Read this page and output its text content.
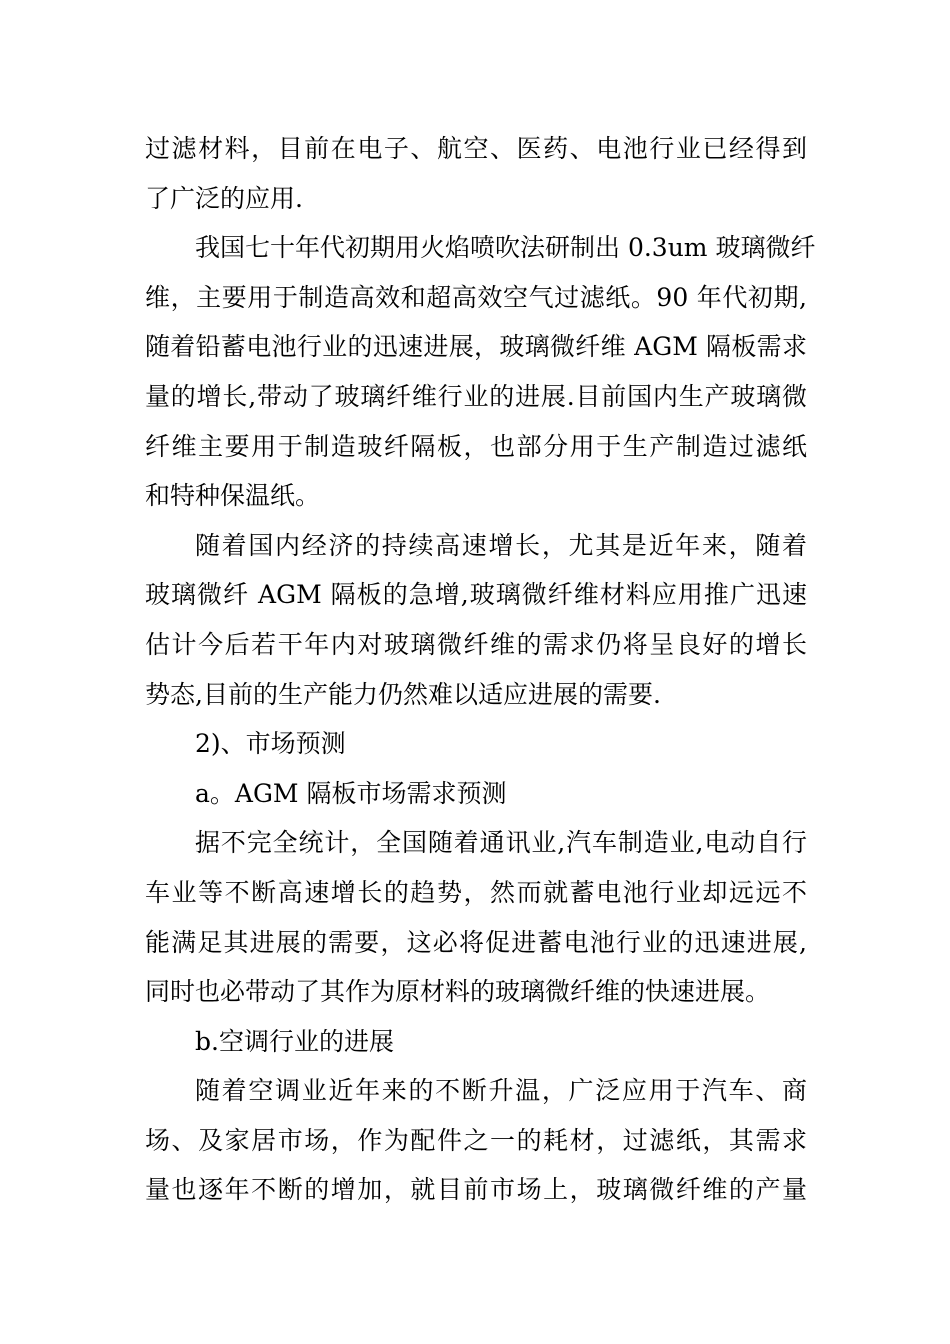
过滤材料，目前在电子、航空、医药、电池行业已经得到
了广泛的应用.
我国七十年代初期用火焰喷吹法研制出 0.3um 玻璃微纤
维，主要用于制造高效和超高效空气过滤纸。90 年代初期,
随着铅蓄电池行业的迅速进展，玻璃微纤维 AGM 隔板需求
量的增长,带动了玻璃纤维行业的进展.目前国内生产玻璃微
纤维主要用于制造玻纤隔板，也部分用于生产制造过滤纸
和特种保温纸。
随着国内经济的持续高速增长，尤其是近年来，随着
玻璃微纤 AGM 隔板的急增,玻璃微纤维材料应用推广迅速
估计今后若干年内对玻璃微纤维的需求仍将呈良好的增长
势态,目前的生产能力仍然难以适应进展的需要.
2)、市场预测
a。AGM 隔板市场需求预测
据不完全统计，全国随着通讯业,汽车制造业,电动自行
车业等不断高速增长的趋势，然而就蓄电池行业却远远不
能满足其进展的需要，这必将促进蓄电池行业的迅速进展,
同时也必带动了其作为原材料的玻璃微纤维的快速进展。
b.空调行业的进展
随着空调业近年来的不断升温，广泛应用于汽车、商
场、及家居市场，作为配件之一的耗材，过滤纸，其需求
量也逐年不断的增加，就目前市场上，玻璃微纤维的产量
